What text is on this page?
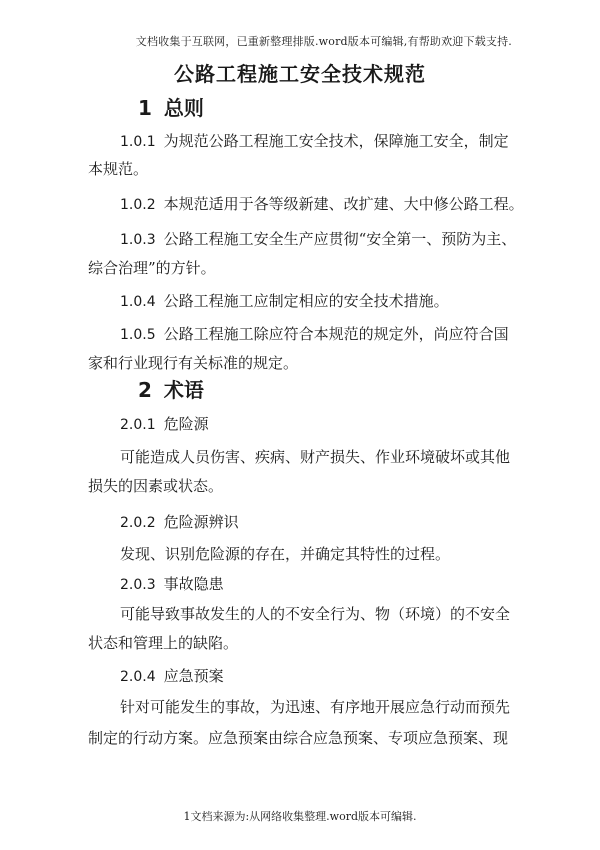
文档收集于互联网，已重新整理排版.word版本可编辑,有帮助欢迎下载支持.
公路工程施工安全技术规范
1 总则
1.0.1 为规范公路工程施工安全技术，保障施工安全，制定
本规范。
1.0.2 本规范适用于各等级新建、改扩建、大中修公路工程。
1.0.3 公路工程施工安全生产应贯彻“安全第一、预防为主、
综合治理”的方针。
1.0.4 公路工程施工应制定相应的安全技术措施。
1.0.5 公路工程施工除应符合本规范的规定外，尚应符合国
家和行业现行有关标准的规定。
2 术语
2.0.1 危险源
可能造成人员伤害、疾病、财产损失、作业环境破坏或其他
损失的因素或状态。
2.0.2 危险源辨识
发现、识别危险源的存在，并确定其特性的过程。
2.0.3 事故隐患
可能导致事故发生的人的不安全行为、物（环境）的不安全
状态和管理上的缺陷。
2.0.4 应急预案
针对可能发生的事故，为迅速、有序地开展应急行动而预先
制定的行动方案。应急预案由综合应急预案、专项应急预案、现
1文档来源为:从网络收集整理.word版本可编辑.
